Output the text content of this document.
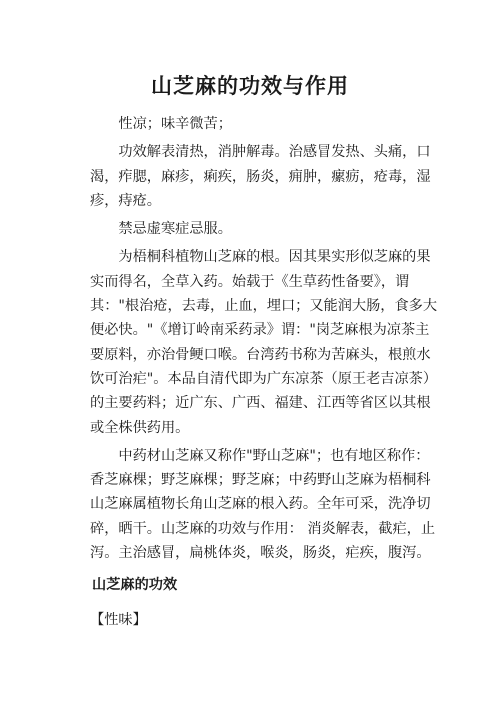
山芝麻的功效与作用

性凉；味辛微苦；

功效解表清热，消肿解毒。治感冒发热、头痛，口渴，痄腮，麻疹，痢疾，肠炎，痈肿，瘰疬，疮毒，湿疹，痔疮。

禁忌虚寒症忌服。

为梧桐科植物山芝麻的根。因其果实形似芝麻的果实而得名，全草入药。始载于《生草药性备要》，谓其："根治疮，去毒，止血，埋口；又能润大肠，食多大便必快。"《增订岭南采药录》谓："岗芝麻根为凉茶主要原料，亦治骨鲠口喉。台湾药书称为苦麻头，根煎水饮可治疟"。本品自清代即为广东凉茶（原王老吉凉茶）的主要药料；近广东、广西、福建、江西等省区以其根或全株供药用。

中药材山芝麻又称作"野山芝麻"；也有地区称作：香芝麻棵；野芝麻棵；野芝麻；中药野山芝麻为梧桐科山芝麻属植物长角山芝麻的根入药。全年可采，洗净切碎，晒干。山芝麻的功效与作用： 消炎解表，截疟，止泻。主治感冒，扁桃体炎，喉炎，肠炎，疟疾，腹泻。

山芝麻的功效
【性味】
